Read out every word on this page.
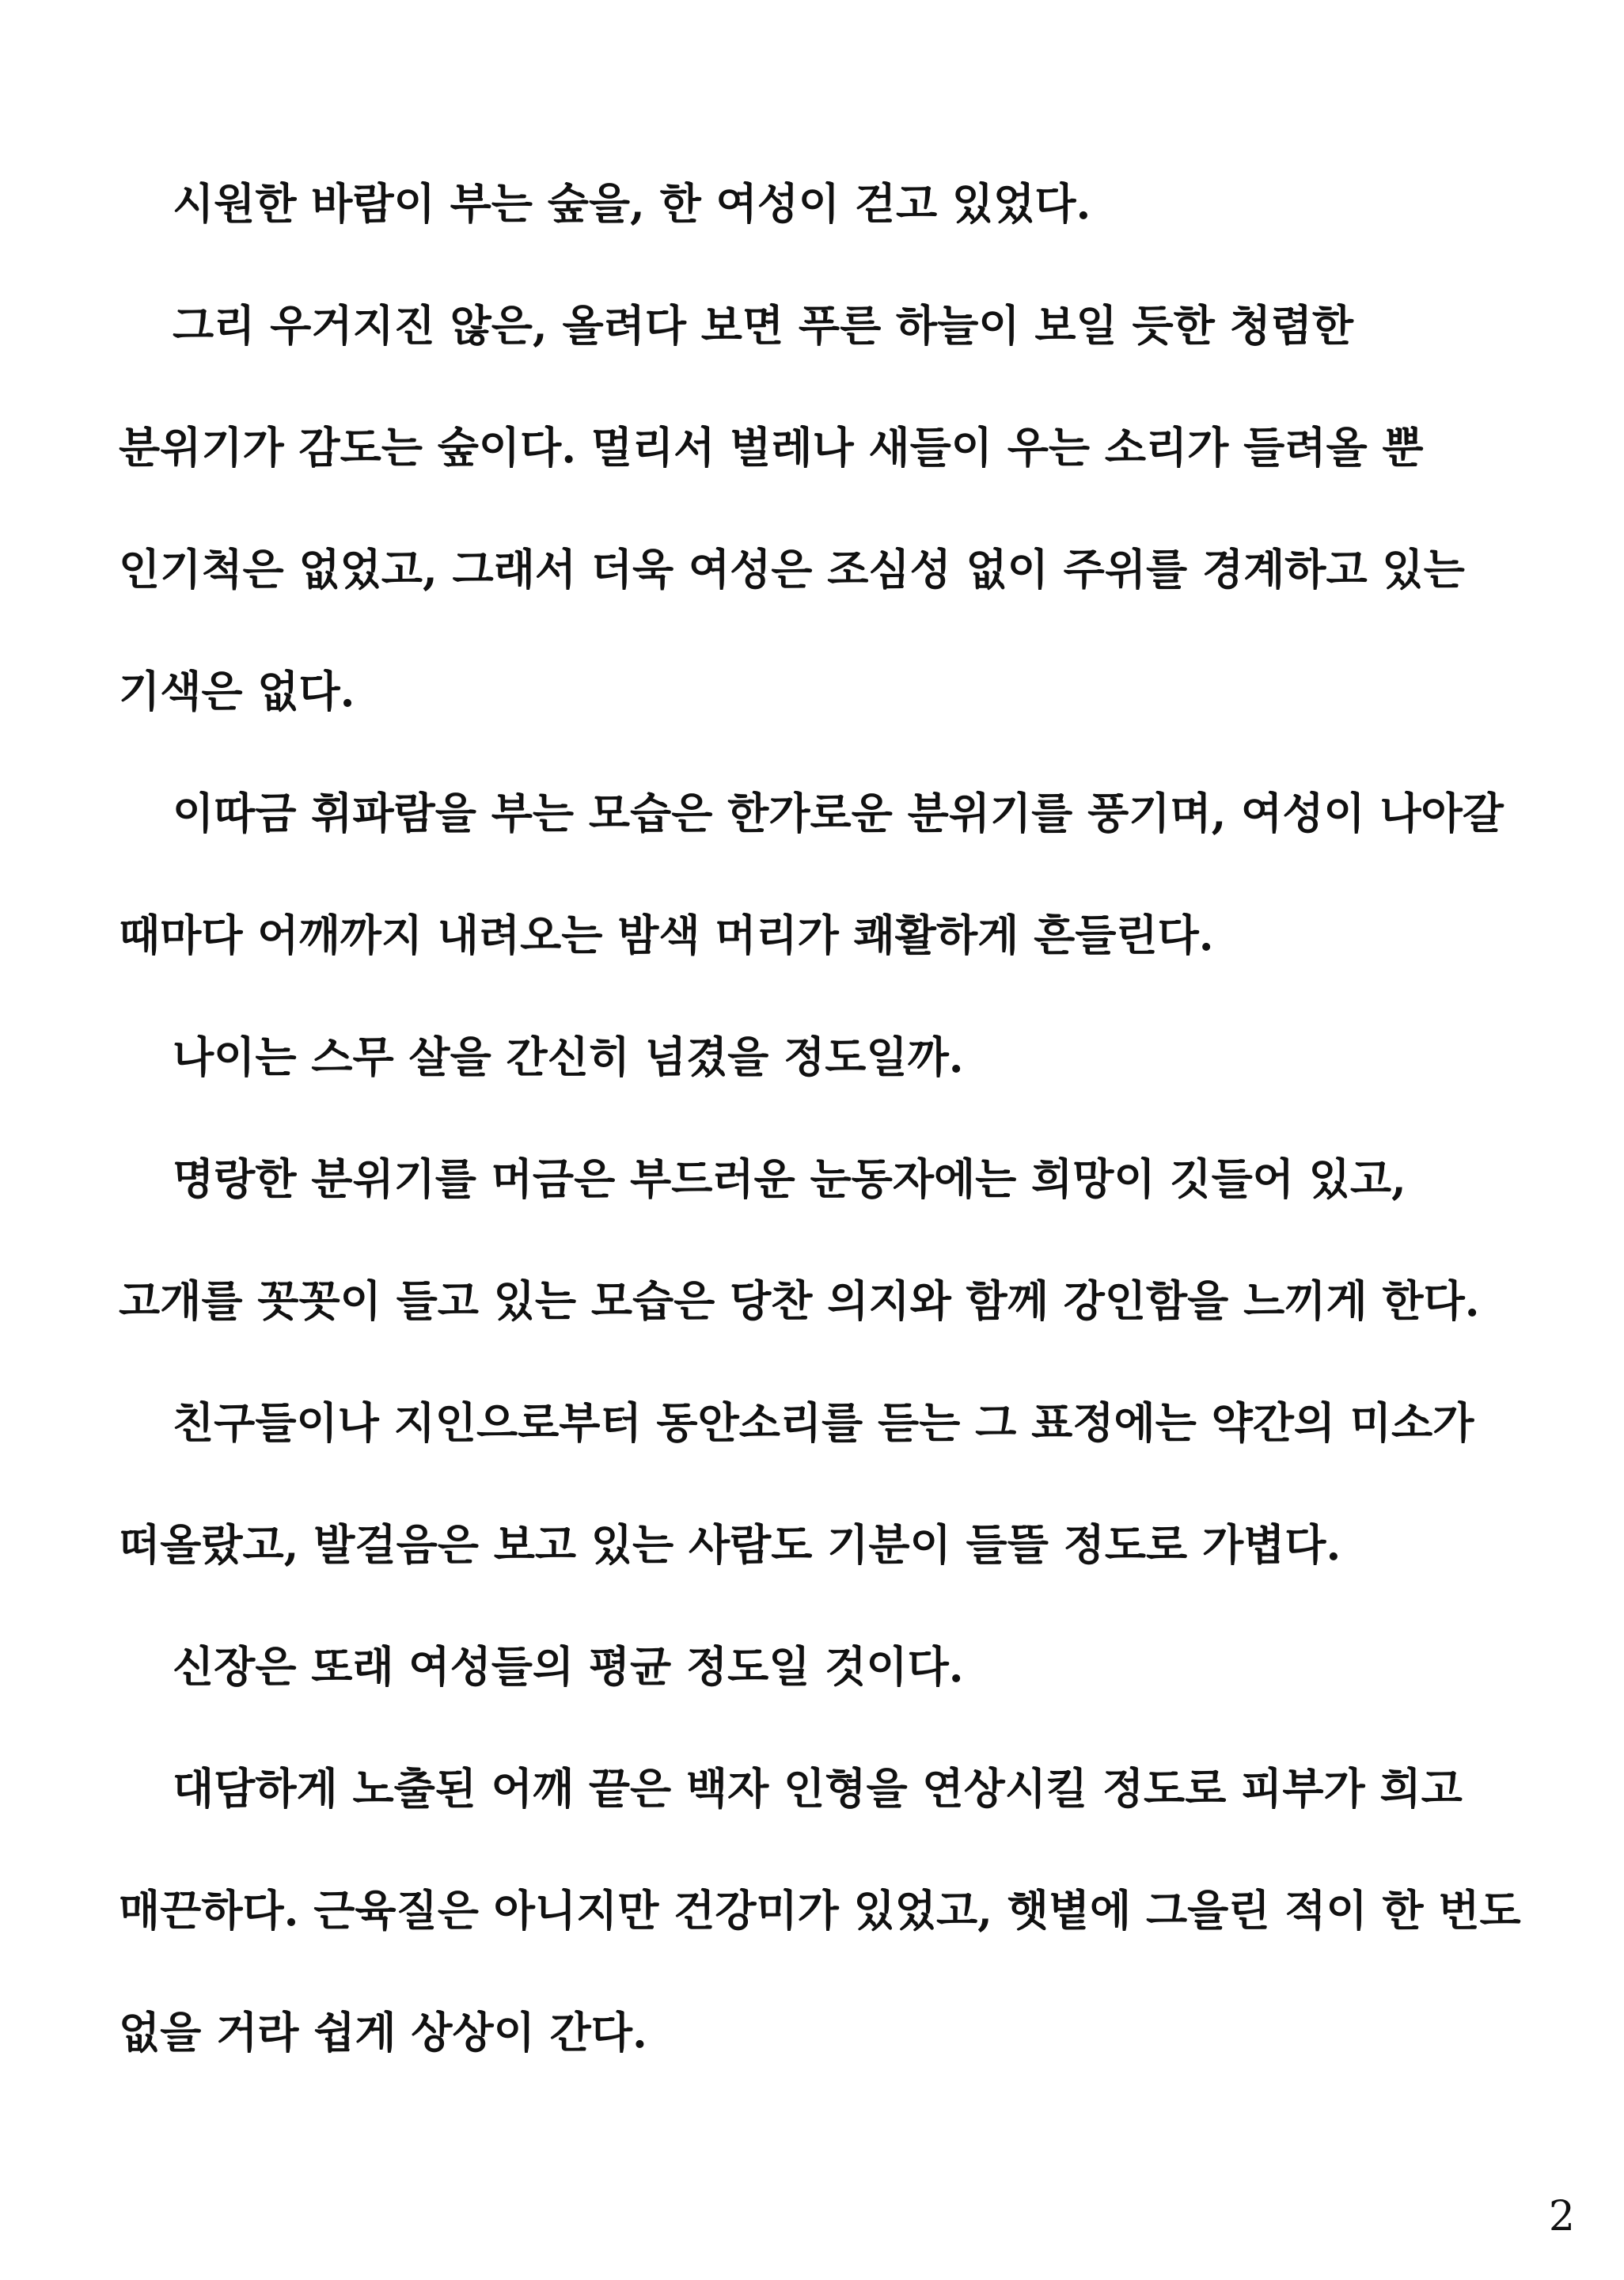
시원한 바람이 부는 숲을, 한 여성이 걷고 있었다.

그리 우거지진 않은, 올려다 보면 푸른 하늘이 보일 듯한 청렴한
분위기가 감도는 숲이다. 멀리서 벌레나 새들이 우는 소리가 들려올 뿐
인기척은 없었고, 그래서 더욱 여성은 조심성 없이 주위를 경계하고 있는
기색은 없다.

이따금 휘파람을 부는 모습은 한가로운 분위기를 풍기며, 여성이 나아갈
때마다 어깨까지 내려오는 밤색 머리가 쾌활하게 흔들린다.

나이는 스무 살을 간신히 넘겼을 정도일까.

명랑한 분위기를 머금은 부드러운 눈동자에는 희망이 깃들어 있고,
고개를 꼿꼿이 들고 있는 모습은 당찬 의지와 함께 강인함을 느끼게 한다.

친구들이나 지인으로부터 동안소리를 듣는 그 표정에는 약간의 미소가
떠올랐고, 발걸음은 보고 있는 사람도 기분이 들뜰 정도로 가볍다.

신장은 또래 여성들의 평균 정도일 것이다.

대담하게 노출된 어깨 끝은 백자 인형을 연상시킬 정도로 피부가 희고
매끈하다. 근육질은 아니지만 건강미가 있었고, 햇볕에 그을린 적이 한 번도
없을 거라 쉽게 상상이 간다.

2
